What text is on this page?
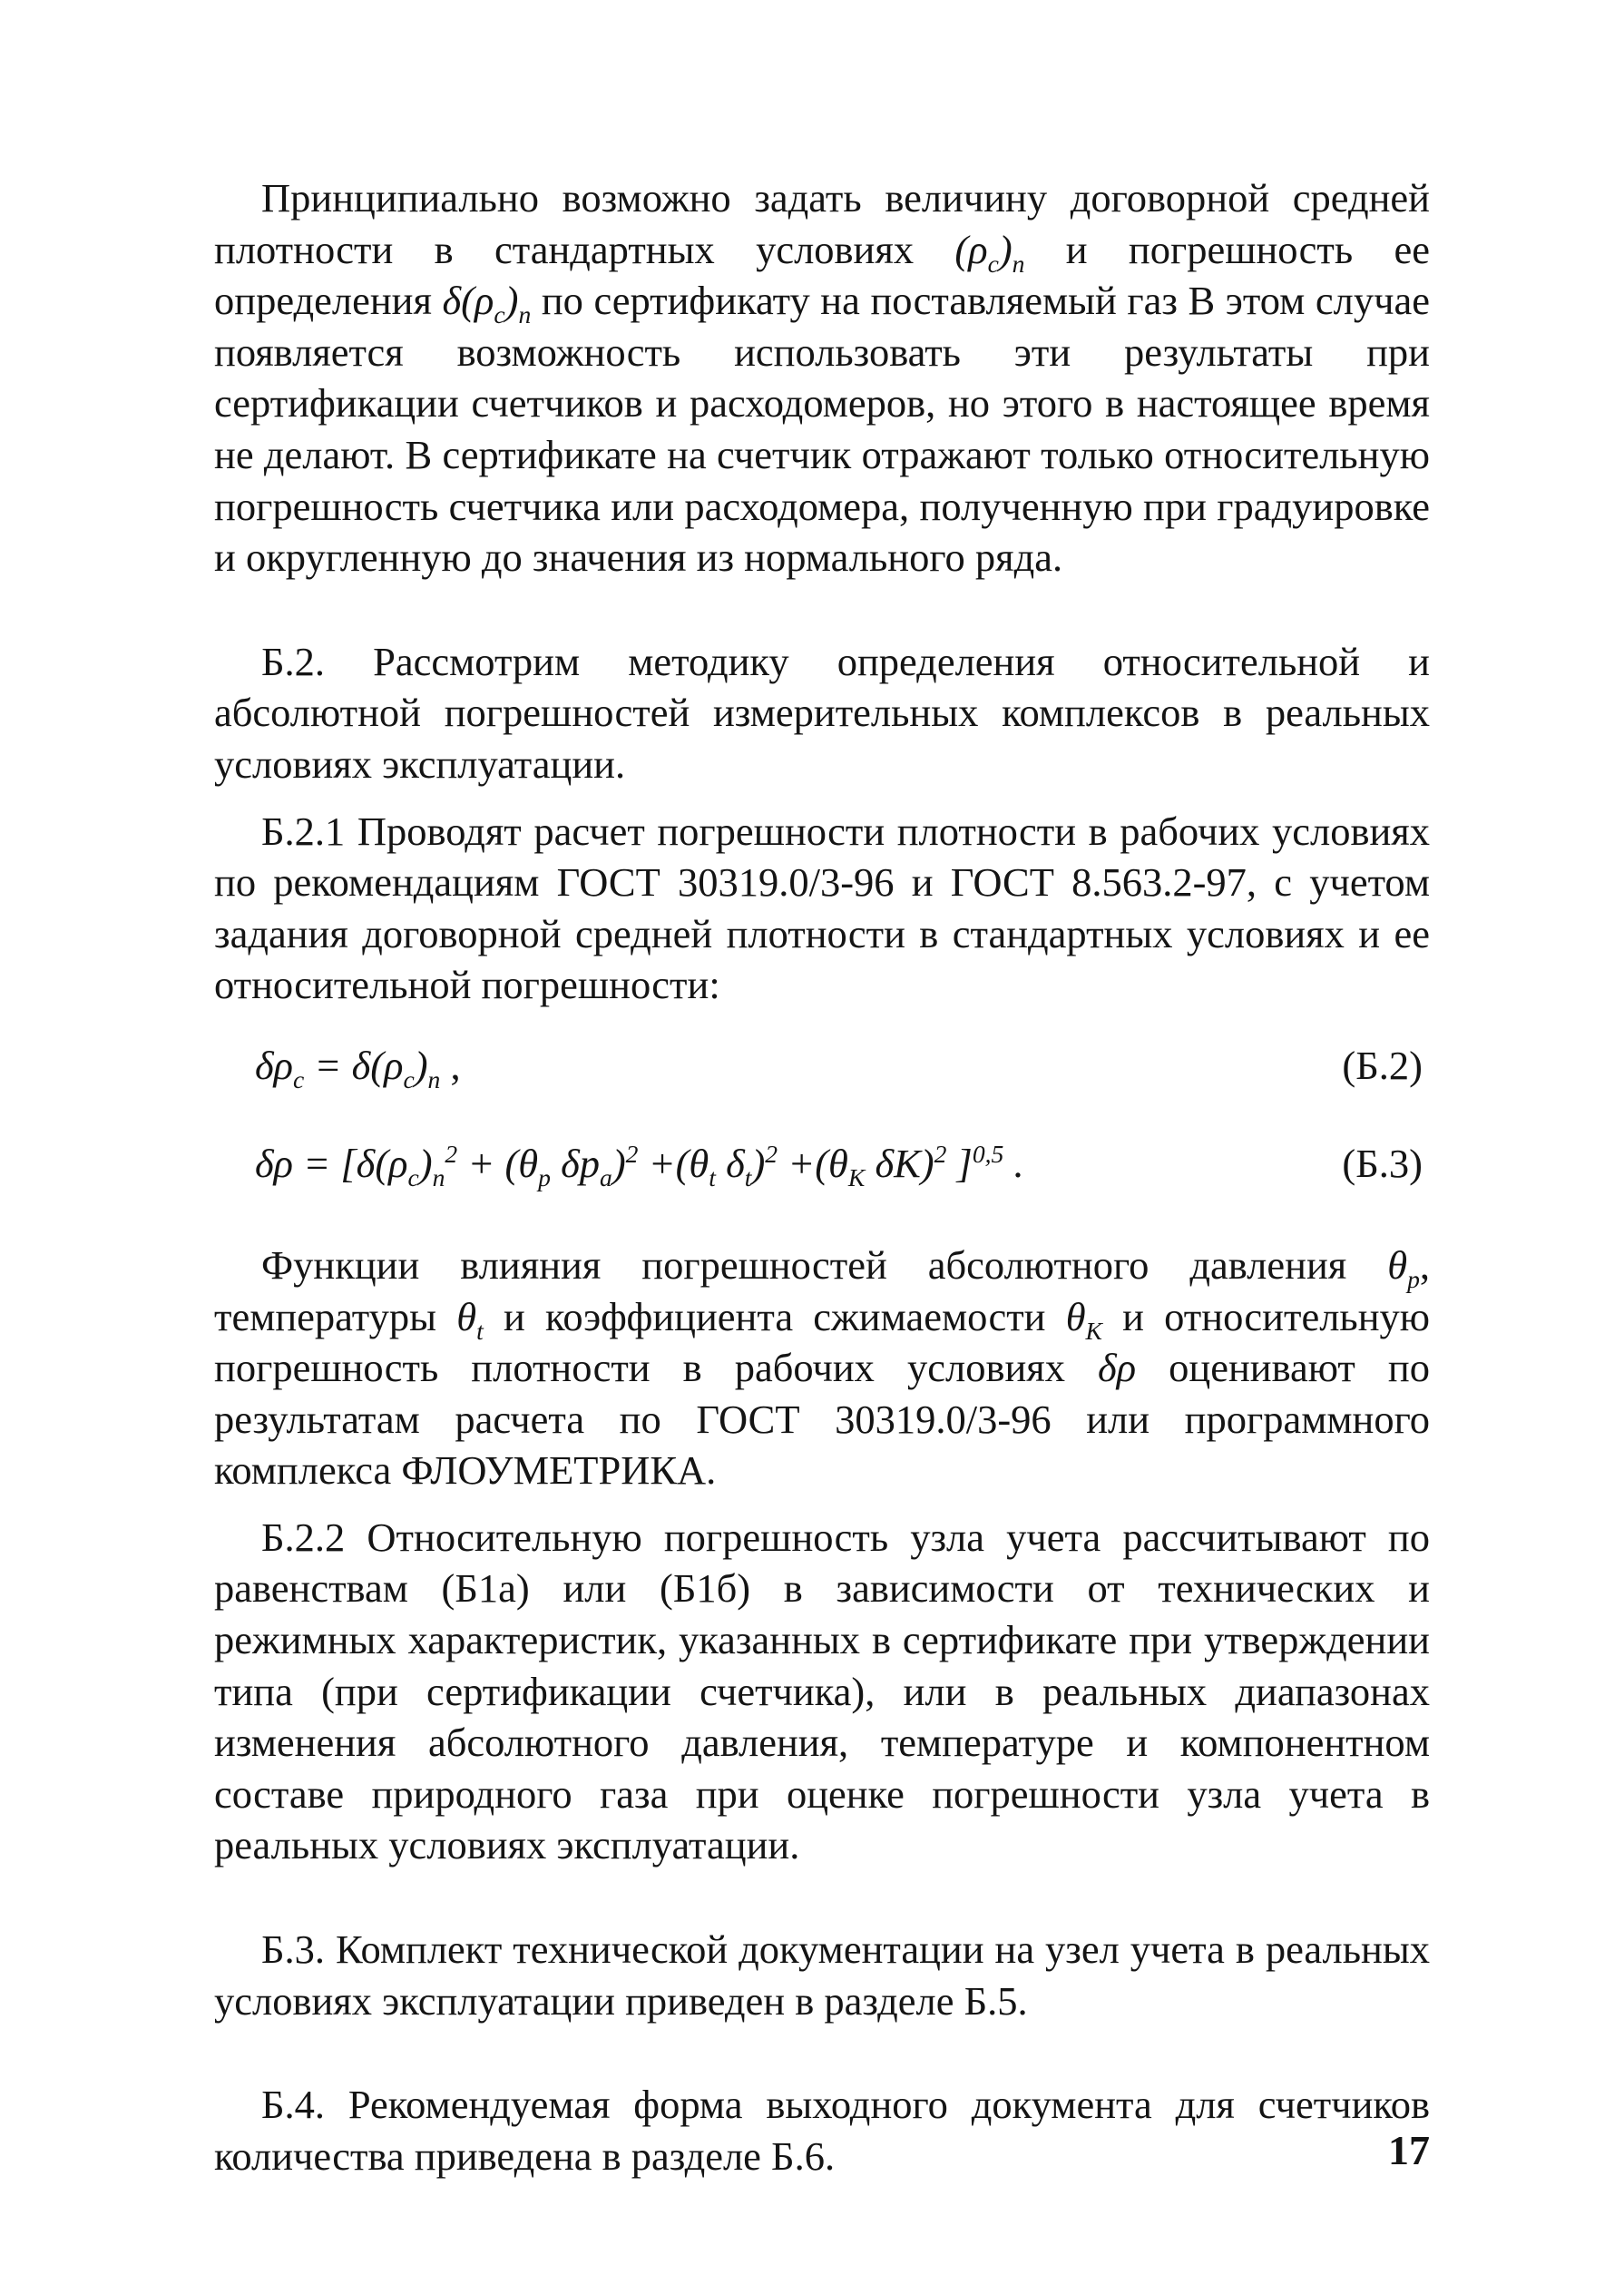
Принципиально возможно задать величину договорной средней плотности в стандартных условиях $(\rho_c)_n$ и погрешность ее определения $\delta(\rho_c)_n$ по сертификату на поставляемый газ В этом случае появляется возможность использовать эти результаты при сертификации счетчиков и расходомеров, но этого в настоящее время не делают. В сертификате на счетчик отражают только относительную погрешность счетчика или расходомера, полученную при градуировке и округленную до значения из нормального ряда.

Б.2. Рассмотрим методику определения относительной и абсолютной погрешностей измерительных комплексов в реальных условиях эксплуатации.

Б.2.1 Проводят расчет погрешности плотности в рабочих условиях по рекомендациям ГОСТ 30319.0/3-96 и ГОСТ 8.563.2-97, с учетом задания договорной средней плотности в стандартных условиях и ее относительной погрешности:

$\delta\rho_c = \delta(\rho_c)_n$ ,	(Б.2)
$\delta\rho = [\delta(\rho_c)_n^2 + (\theta_p$ $\delta p_a)^2 +(\theta_t$ $\delta_t)^2 +(\theta_K$ δK)$^2$ ]$^{0,5}$ .	(Б.3)

Функции влияния погрешностей абсолютного давления $\theta_p$, температуры $\theta_t$ и коэффициента сжимаемости $\theta_K$ и относительную погрешность плотности в рабочих условиях δρ оценивают по результатам расчета по ГОСТ 30319.0/3-96 или программного комплекса ФЛОУМЕТРИКА.

Б.2.2 Относительную погрешность узла учета рассчитывают по равенствам (Б1а) или (Б1б) в зависимости от технических и режимных характеристик, указанных в сертификате при утверждении типа (при сертификации счетчика), или в реальных диапазонах изменения абсолютного давления, температуре и компонентном составе природного газа при оценке погрешности узла учета в реальных условиях эксплуатации.

Б.3. Комплект технической документации на узел учета в реальных условиях эксплуатации приведен в разделе Б.5.

Б.4. Рекомендуемая форма выходного документа для счетчиков количества приведена в разделе Б.6.	17
